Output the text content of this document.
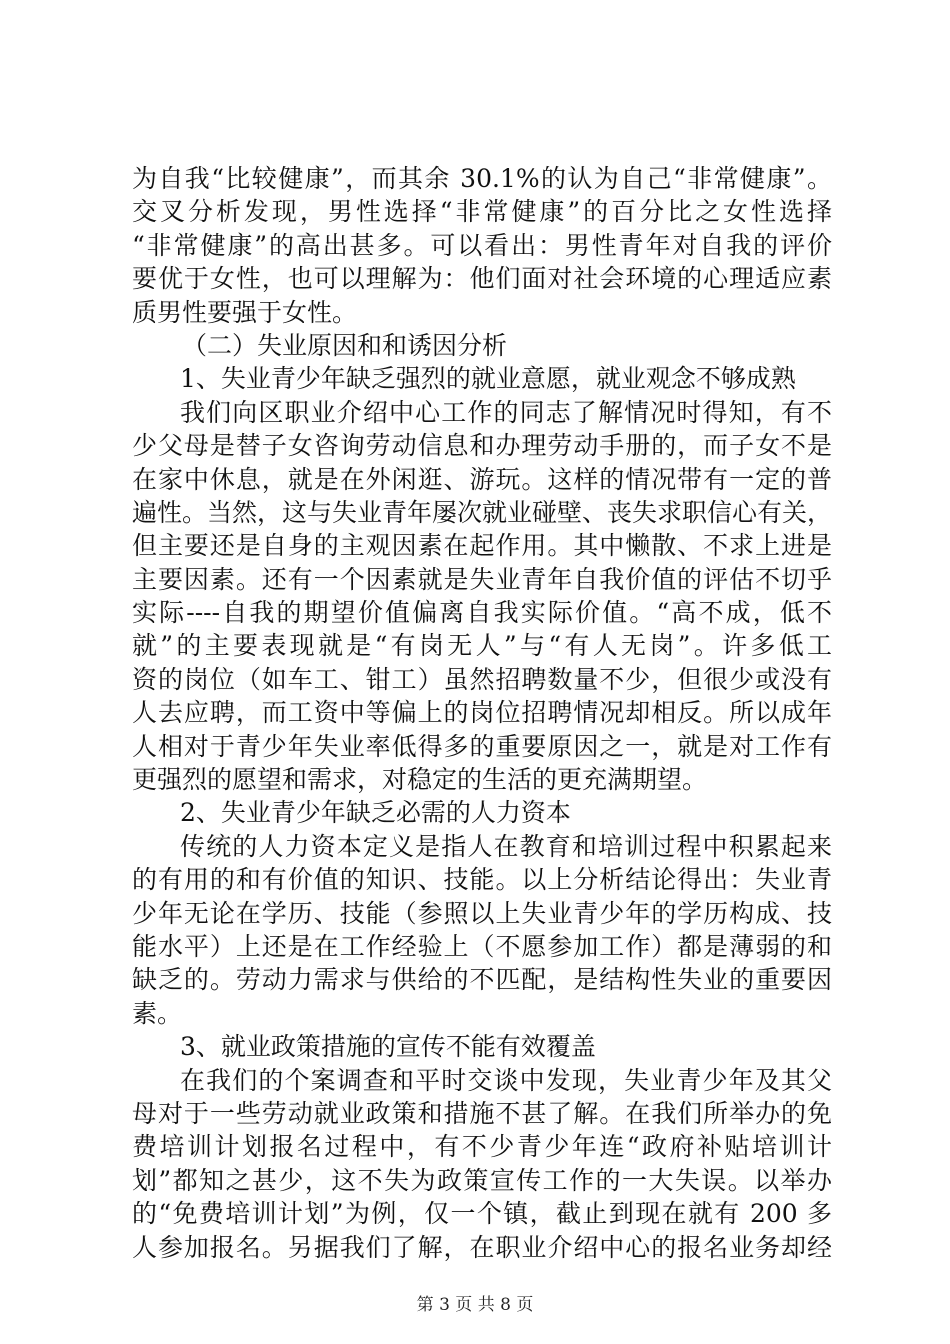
为自我“比较健康”，而其余 30.1%的认为自己“非常健康”。
交叉分析发现，男性选择“非常健康”的百分比之女性选择
“非常健康”的高出甚多。可以看出：男性青年对自我的评价
要优于女性，也可以理解为：他们面对社会环境的心理适应素
质男性要强于女性。
（二）失业原因和和诱因分析
1、失业青少年缺乏强烈的就业意愿，就业观念不够成熟
我们向区职业介绍中心工作的同志了解情况时得知，有不
少父母是替子女咨询劳动信息和办理劳动手册的，而子女不是
在家中休息，就是在外闲逛、游玩。这样的情况带有一定的普
遍性。当然，这与失业青年屡次就业碰壁、丧失求职信心有关，
但主要还是自身的主观因素在起作用。其中懒散、不求上进是
主要因素。还有一个因素就是失业青年自我价值的评估不切乎
实际----自我的期望价值偏离自我实际价值。“高不成，低不
就”的主要表现就是“有岗无人”与“有人无岗”。许多低工
资的岗位（如车工、钳工）虽然招聘数量不少，但很少或没有
人去应聘，而工资中等偏上的岗位招聘情况却相反。所以成年
人相对于青少年失业率低得多的重要原因之一，就是对工作有
更强烈的愿望和需求，对稳定的生活的更充满期望。
2、失业青少年缺乏必需的人力资本
传统的人力资本定义是指人在教育和培训过程中积累起来
的有用的和有价值的知识、技能。以上分析结论得出：失业青
少年无论在学历、技能（参照以上失业青少年的学历构成、技
能水平）上还是在工作经验上（不愿参加工作）都是薄弱的和
缺乏的。劳动力需求与供给的不匹配，是结构性失业的重要因
素。
3、就业政策措施的宣传不能有效覆盖
在我们的个案调查和平时交谈中发现，失业青少年及其父
母对于一些劳动就业政策和措施不甚了解。在我们所举办的免
费培训计划报名过程中，有不少青少年连“政府补贴培训计
划”都知之甚少，这不失为政策宣传工作的一大失误。以举办
的“免费培训计划”为例，仅一个镇，截止到现在就有 200 多
人参加报名。另据我们了解，在职业介绍中心的报名业务却经
第 3 页 共 8 页
